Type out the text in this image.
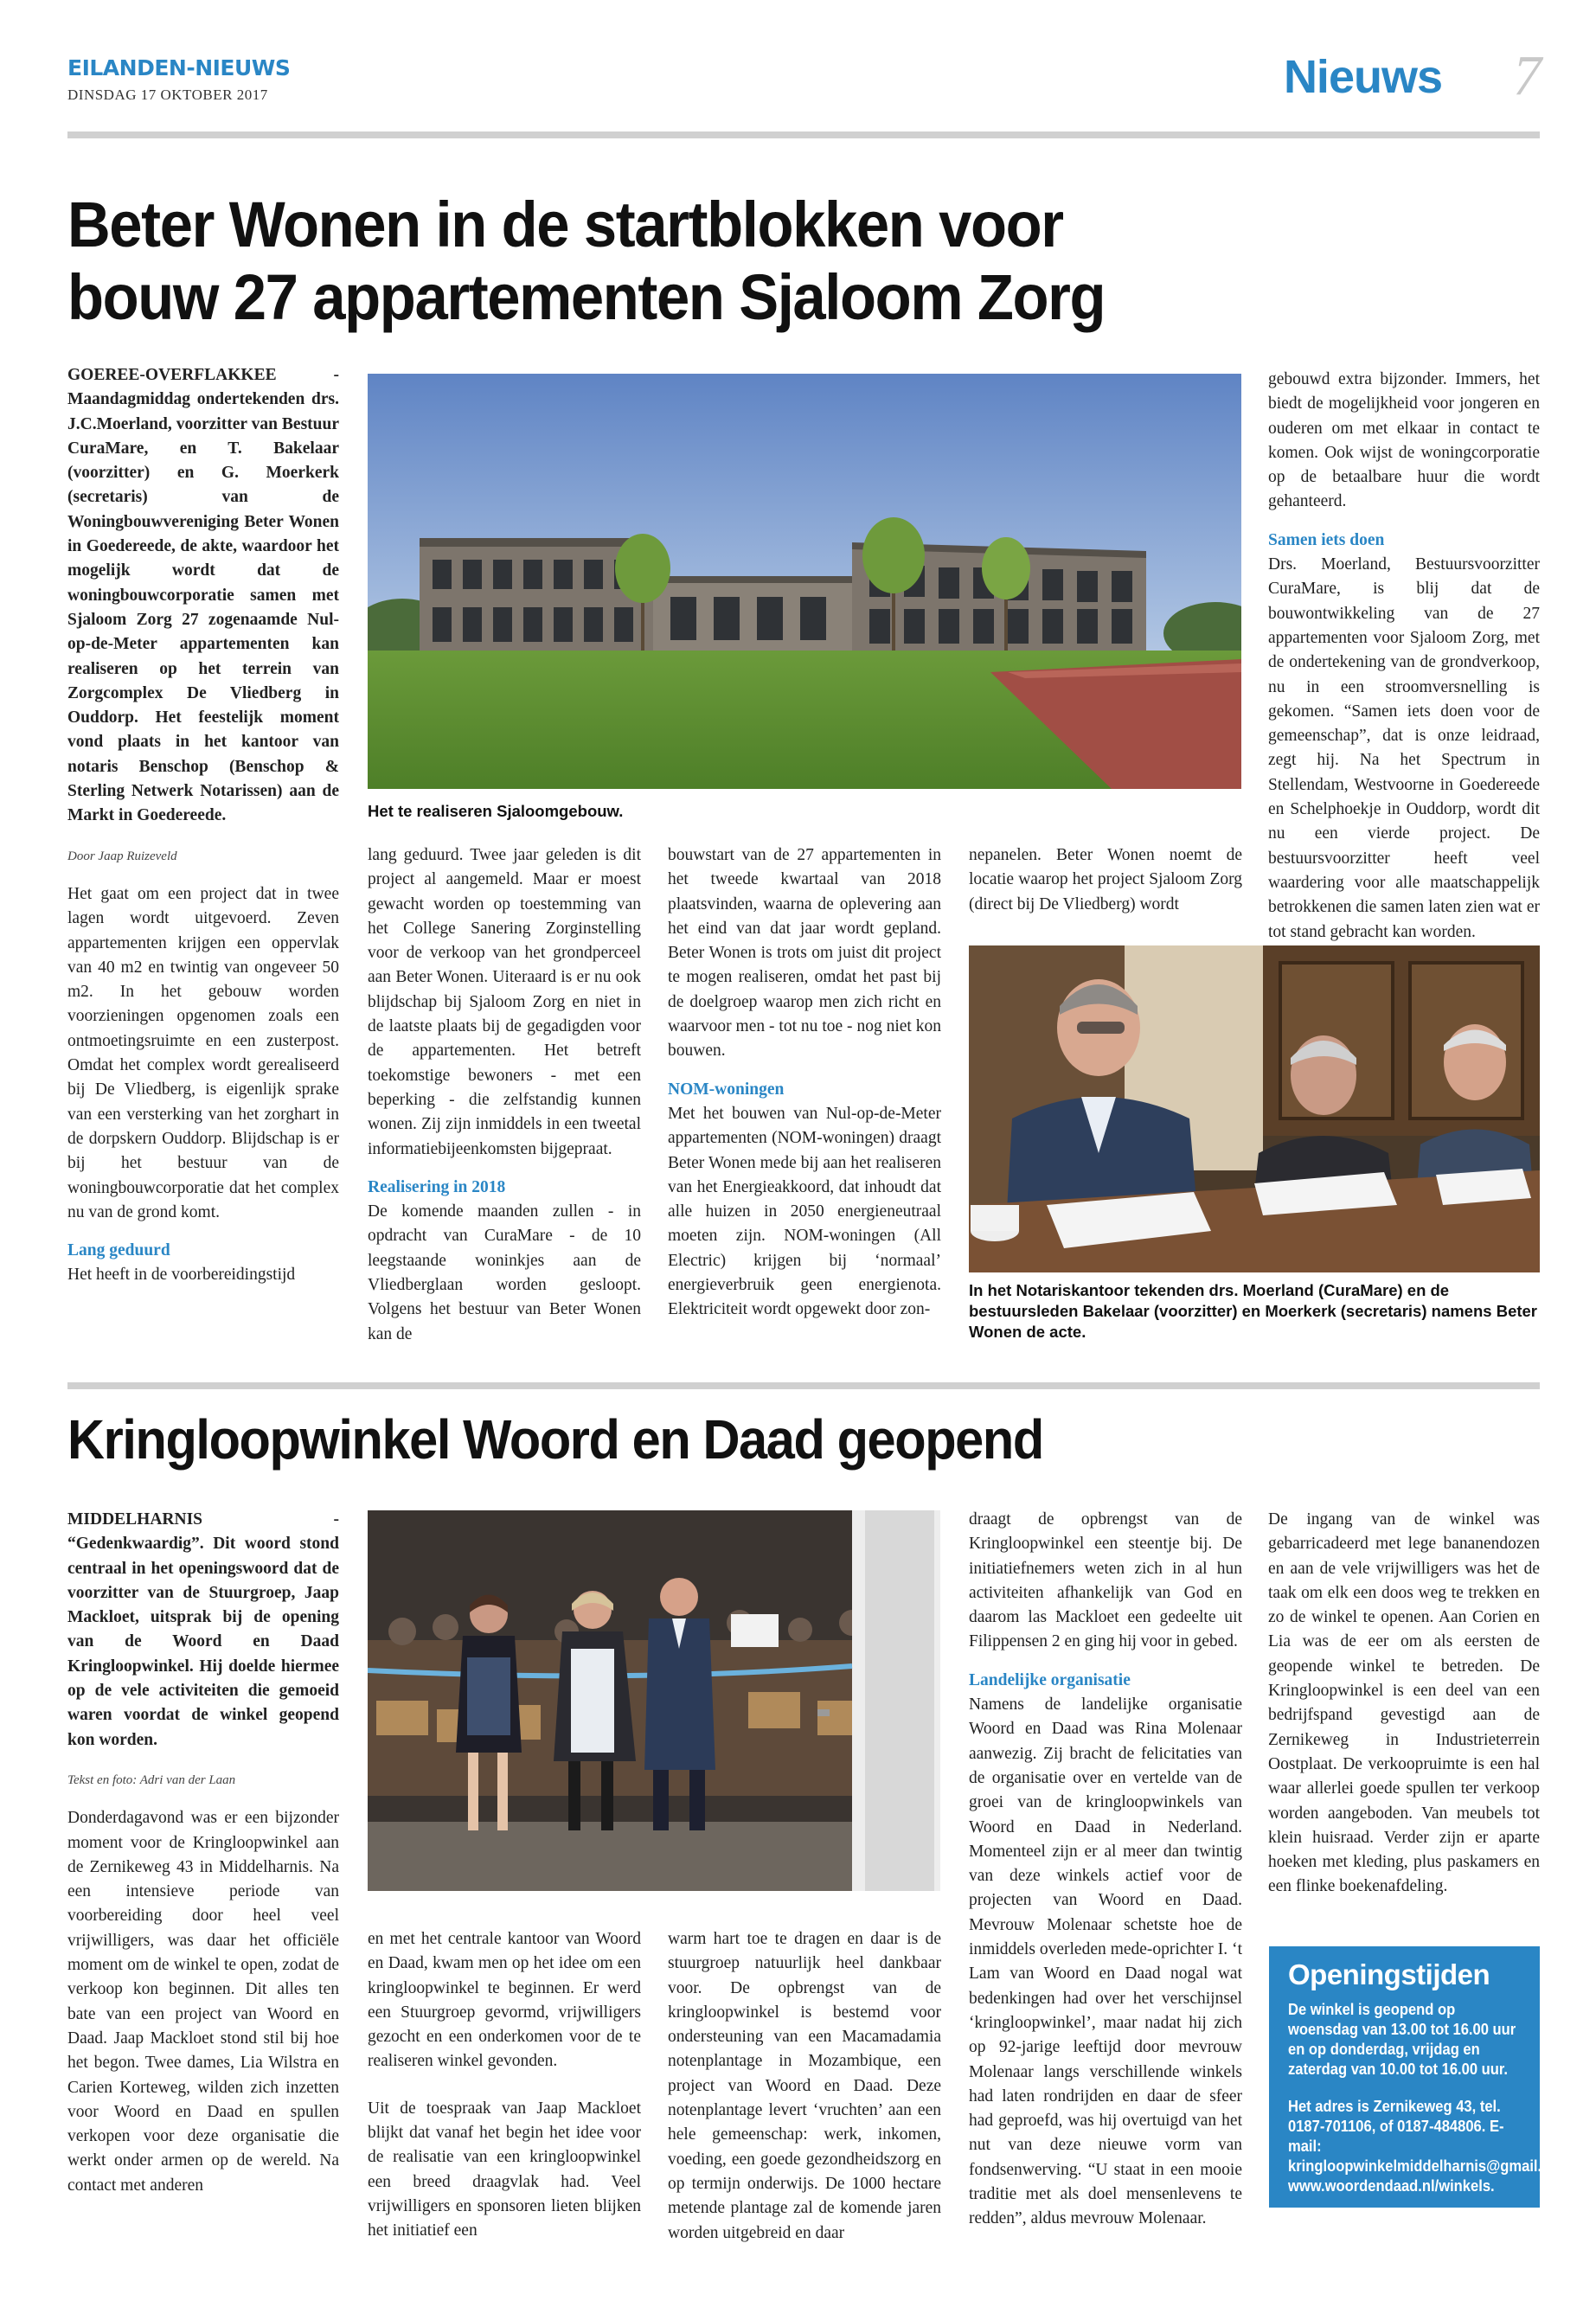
EILANDEN-NIEUWS
DINSDAG 17 OKTOBER 2017	Nieuws 7
Beter Wonen in de startblokken voor
bouw 27 appartementen Sjaloom Zorg
GOEREE-OVERFLAKKEE - Maandagmiddag ondertekenden drs. J.C.Moerland, voorzitter van Bestuur CuraMare, en T. Bakelaar (voorzitter) en G. Moerkerk (secretaris) van de Woningbouwvereniging Beter Wonen in Goedereede, de akte, waardoor het mogelijk wordt dat de woningbouwcorporatie samen met Sjaloom Zorg 27 zogenaamde Nul-op-de-Meter appartementen kan realiseren op het terrein van Zorgcomplex De Vliedberg in Ouddorp. Het feestelijk moment vond plaats in het kantoor van notaris Benschop (Benschop & Sterling Netwerk Notarissen) aan de Markt in Goedereede.
Door Jaap Ruizeveld
Het gaat om een project dat in twee lagen wordt uitgevoerd. Zeven appartementen krijgen een oppervlak van 40 m2 en twintig van ongeveer 50 m2. In het gebouw worden voorzieningen opgenomen zoals een ontmoetingsruimte en een zusterpost. Omdat het complex wordt gerealiseerd bij De Vliedberg, is eigenlijk sprake van een versterking van het zorghart in de dorpskern Ouddorp. Blijdschap is er bij het bestuur van de woningbouwcorporatie dat het complex nu van de grond komt.
Lang geduurd
Het heeft in de voorbereidingstijd
Het te realiseren Sjaloomgebouw.
lang geduurd. Twee jaar geleden is dit project al aangemeld. Maar er moest gewacht worden op toestemming van het College Sanering Zorginstelling voor de verkoop van het grondperceel aan Beter Wonen. Uiteraard is er nu ook blijdschap bij Sjaloom Zorg en niet in de laatste plaats bij de gegadigden voor de appartementen. Het betreft toekomstige bewoners - met een beperking - die zelfstandig kunnen wonen. Zij zijn inmiddels in een tweetal informatiebijeenkomsten bijgepraat.
Realisering in 2018
De komende maanden zullen - in opdracht van CuraMare - de 10 leegstaande woninkjes aan de Vliedberglaan worden gesloopt. Volgens het bestuur van Beter Wonen kan de
bouwstart van de 27 appartementen in het tweede kwartaal van 2018 plaatsvinden, waarna de oplevering aan het eind van dat jaar wordt gepland. Beter Wonen is trots om juist dit project te mogen realiseren, omdat het past bij de doelgroep waarop men zich richt en waarvoor men - tot nu toe - nog niet kon bouwen.
NOM-woningen
Met het bouwen van Nul-op-de-Meter appartementen (NOM-woningen) draagt Beter Wonen mede bij aan het realiseren van het Energieakkoord, dat inhoudt dat alle huizen in 2050 energieneutraal moeten zijn. NOM-woningen (All Electric) krijgen bij ‘normaal’ energieverbruik geen energienota. Elektriciteit wordt opgewekt door zon-
nepanelen. Beter Wonen noemt de locatie waarop het project Sjaloom Zorg (direct bij De Vliedberg) wordt
gebouwd extra bijzonder. Immers, het biedt de mogelijkheid voor jongeren en ouderen om met elkaar in contact te komen. Ook wijst de woningcorporatie op de betaalbare huur die wordt gehanteerd.
Samen iets doen
Drs. Moerland, Bestuursvoorzitter CuraMare, is blij dat de bouwontwikkeling van de 27 appartementen voor Sjaloom Zorg, met de ondertekening van de grondverkoop, nu in een stroomversnelling is gekomen. “Samen iets doen voor de gemeenschap”, dat is onze leidraad, zegt hij. Na het Spectrum in Stellendam, Westvoorne in Goedereede en Schelphoekje in Ouddorp, wordt dit nu een vierde project. De bestuursvoorzitter heeft veel waardering voor alle maatschappelijk betrokkenen die samen laten zien wat er tot stand gebracht kan worden.
In het Notariskantoor tekenden drs. Moerland (CuraMare) en de bestuursleden Bakelaar (voorzitter) en Moerkerk (secretaris) namens Beter Wonen de acte.
Kringloopwinkel Woord en Daad geopend
MIDDELHARNIS - “Gedenkwaardig”. Dit woord stond centraal in het openingswoord dat de voorzitter van de Stuurgroep, Jaap Mackloet, uitsprak bij de opening van de Woord en Daad Kringloopwinkel. Hij doelde hiermee op de vele activiteiten die gemoeid waren voordat de winkel geopend kon worden.
Tekst en foto: Adri van der Laan
Donderdagavond was er een bijzonder moment voor de Kringloopwinkel aan de Zernikeweg 43 in Middelharnis. Na een intensieve periode van voorbereiding door heel veel vrijwilligers, was daar het officiële moment om de winkel te open, zodat de verkoop kon beginnen. Dit alles ten bate van een project van Woord en Daad. Jaap Mackloet stond stil bij hoe het begon. Twee dames, Lia Wilstra en Carien Korteweg, wilden zich inzetten voor Woord en Daad en spullen verkopen voor deze organisatie die werkt onder armen op de wereld. Na contact met anderen
en met het centrale kantoor van Woord en Daad, kwam men op het idee om een kringloopwinkel te beginnen. Er werd een Stuurgroep gevormd, vrijwilligers gezocht en een onderkomen voor de te realiseren winkel gevonden.
Uit de toespraak van Jaap Mackloet blijkt dat vanaf het begin het idee voor de realisatie van een kringloopwinkel een breed draagvlak had. Veel vrijwilligers en sponsoren lieten blijken het initiatief een
warm hart toe te dragen en daar is de stuurgroep natuurlijk heel dankbaar voor. De opbrengst van de kringloopwinkel is bestemd voor ondersteuning van een Macamadamia notenplantage in Mozambique, een project van Woord en Daad. Deze notenplantage levert ‘vruchten’ aan een hele gemeenschap: werk, inkomen, voeding, een goede gezondheidszorg en op termijn onderwijs. De 1000 hectare metende plantage zal de komende jaren worden uitgebreid en daar
draagt de opbrengst van de Kringloopwinkel een steentje bij. De initiatiefnemers weten zich in al hun activiteiten afhankelijk van God en daarom las Mackloet een gedeelte uit Filippensen 2 en ging hij voor in gebed.
Landelijke organisatie
Namens de landelijke organisatie Woord en Daad was Rina Molenaar aanwezig. Zij bracht de felicitaties van de organisatie over en vertelde van de groei van de kringloopwinkels van Woord en Daad in Nederland. Momenteel zijn er al meer dan twintig van deze winkels actief voor de projecten van Woord en Daad. Mevrouw Molenaar schetste hoe de inmiddels overleden mede-oprichter I. ‘t Lam van Woord en Daad nogal wat bedenkingen had over het verschijnsel ‘kringloopwinkel’, maar nadat hij zich op 92-jarige leeftijd door mevrouw Molenaar langs verschillende winkels had laten rondrijden en daar de sfeer had geproefd, was hij overtuigd van het nut van deze nieuwe vorm van fondsenwerving. “U staat in een mooie traditie met als doel mensenlevens te redden”, aldus mevrouw Molenaar.
De ingang van de winkel was gebarricadeerd met lege bananendozen en aan de vele vrijwilligers was het de taak om elk een doos weg te trekken en zo de winkel te openen. Aan Corien en Lia was de eer om als eersten de geopende winkel te betreden. De Kringloopwinkel is een deel van een bedrijfspand gevestigd aan de Zernikeweg in Industrieterrein Oostplaat. De verkoopruimte is een hal waar allerlei goede spullen ter verkoop worden aangeboden. Van meubels tot klein huisraad. Verder zijn er aparte hoeken met kleding, plus paskamers en een flinke boekenafdeling.
Openingstijden
De winkel is geopend op woensdag van 13.00 tot 16.00 uur en op donderdag, vrijdag en zaterdag van 10.00 tot 16.00 uur.
Het adres is Zernikeweg 43, tel. 0187-701106, of 0187-484806. E-mail: kringloopwinkelmiddelharnis@gmail.com. www.woordendaad.nl/winkels.
